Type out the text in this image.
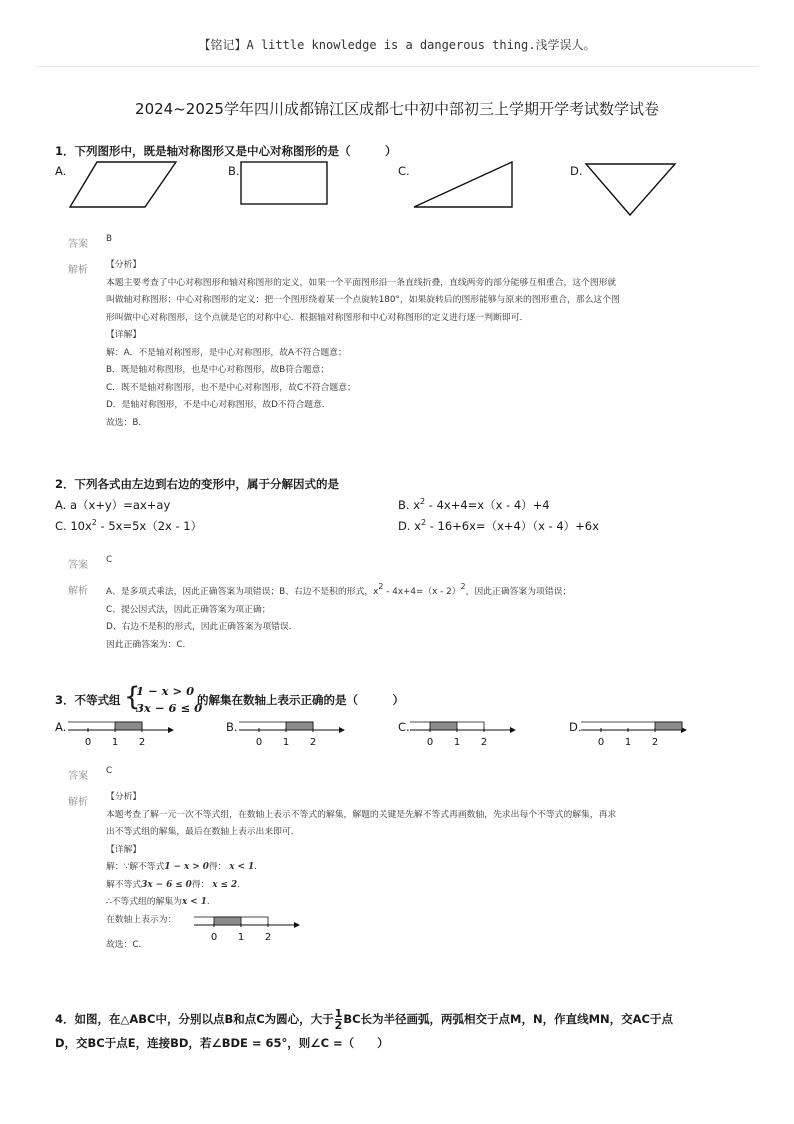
【铭记】A little knowledge is a dangerous thing.浅学误人。
2024~2025学年四川成都锦江区成都七中初中部初三上学期开学考试数学试卷
1．下列图形中，既是轴对称图形又是中心对称图形的是（　　　）
A.	B.	C.	D.
答案 B
解析 【分析】
本题主要考查了中心对称图形和轴对称图形的定义，如果一个平面图形沿一条直线折叠，直线两旁的部分能够互相重合，这个图形就
叫做轴对称图形；中心对称图形的定义：把一个图形绕着某一个点旋转180°，如果旋转后的图形能够与原来的图形重合，那么这个图
形叫做中心对称图形，这个点就是它的对称中心．根据轴对称图形和中心对称图形的定义进行逐一判断即可．
【详解】
解：A．不是轴对称图形，是中心对称图形，故A不符合题意；
B．既是轴对称图形，也是中心对称图形，故B符合题意；
C．既不是轴对称图形，也不是中心对称图形，故C不符合题意；
D．是轴对称图形，不是中心对称图形，故D不符合题意．
故选：B．
2．下列各式由左边到右边的变形中，属于分解因式的是
A. a（x+y）=ax+ay	B. $x^2 - 4x+4=x(x - 4)+4$
C. $10x^2 - 5x=5x(2x - 1)$	D. $x^2 - 16+6x=(x+4)(x - 4)+6x$
答案 C
解析 A、是多项式乘法，因此正确答案为项错误；B、右边不是积的形式，x2 - 4x+4=（x - 2）2，因此正确答案为项错误；
C、提公因式法，因此正确答案为项正确；
D、右边不是积的形式，因此正确答案为项错误．
因此正确答案为：C．
3．不等式组 {
1 − x > 0
3x − 6 ≤ 0
的解集在数轴上表示正确的是（　　　）
A.	B.	C.	D.
0 1 2	0 1 2	0 1 2	0 1 2
答案 C
解析 【分析】
本题考查了解一元一次不等式组，在数轴上表示不等式的解集，解题的关键是先解不等式再画数轴，先求出每个不等式的解集，再求
出不等式组的解集，最后在数轴上表示出来即可．
【详解】
解：∵解不等式1 − x > 0得： x < 1.
解不等式3x − 6 ≤ 0得： x ≤ 2.
∴不等式组的解集为x < 1.
在数轴上表示为：
故选：C．
0 1 2
4．如图，在△ABC中，分别以点B和点C为圆心，大于 $\frac{1}{2}$ BC长为半径画弧，两弧相交于点M，N，作直线MN，交AC于点
D，交BC于点E，连接BD，若∠BDE = 65°，则∠C =（　　）
